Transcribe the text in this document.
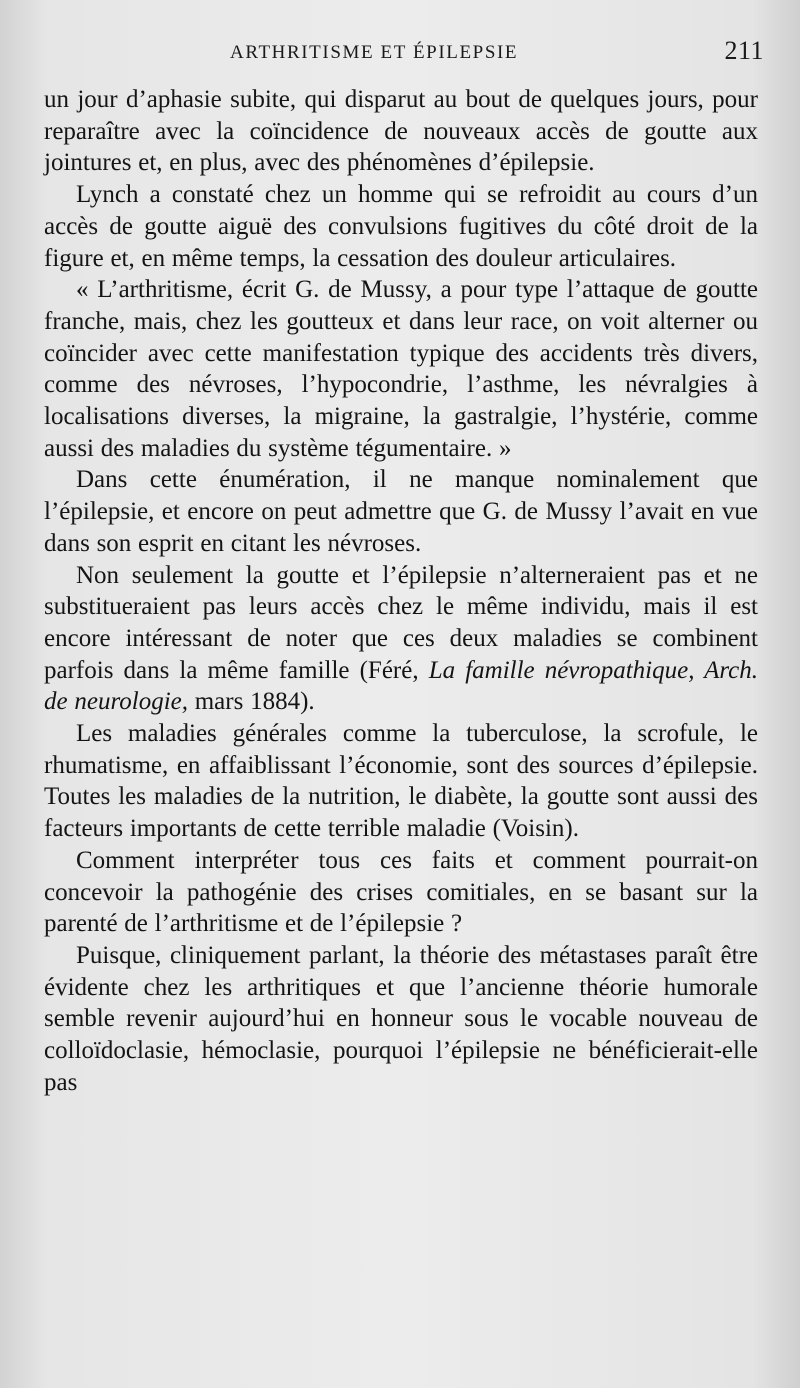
ARTHRITISME ET ÉPILEPSIE	211

un jour d’aphasie subite, qui disparut au bout de quelques jours, pour reparaître avec la coïncidence de nouveaux accès de goutte aux jointures et, en plus, avec des phénomènes d’épilepsie.

Lynch a constaté chez un homme qui se refroidit au cours d’un accès de goutte aiguë des convulsions fugitives du côté droit de la figure et, en même temps, la cessation des douleur articulaires.

« L’arthritisme, écrit G. de Mussy, a pour type l’attaque de goutte franche, mais, chez les goutteux et dans leur race, on voit alterner ou coïncider avec cette manifestation typique des accidents très divers, comme des névroses, l’hypocondrie, l’asthme, les névralgies à localisations diverses, la migraine, la gastralgie, l’hystérie, comme aussi des maladies du système tégumentaire. »

Dans cette énumération, il ne manque nominalement que l’épilepsie, et encore on peut admettre que G. de Mussy l’avait en vue dans son esprit en citant les névroses.

Non seulement la goutte et l’épilepsie n’alterneraient pas et ne substitueraient pas leurs accès chez le même individu, mais il est encore intéressant de noter que ces deux maladies se combinent parfois dans la même famille (Féré, La famille névropathique, Arch. de neurologie, mars 1884).

Les maladies générales comme la tuberculose, la scrofule, le rhumatisme, en affaiblissant l’économie, sont des sources d’épilepsie. Toutes les maladies de la nutrition, le diabète, la goutte sont aussi des facteurs importants de cette terrible maladie (Voisin).

Comment interpréter tous ces faits et comment pourrait-on concevoir la pathogénie des crises comitiales, en se basant sur la parenté de l’arthritisme et de l’épilepsie ?

Puisque, cliniquement parlant, la théorie des métastases paraît être évidente chez les arthritiques et que l’ancienne théorie humorale semble revenir aujourd’hui en honneur sous le vocable nouveau de colloïdoclasie, hémoclasie, pourquoi l’épilepsie ne bénéficierait-elle pas
